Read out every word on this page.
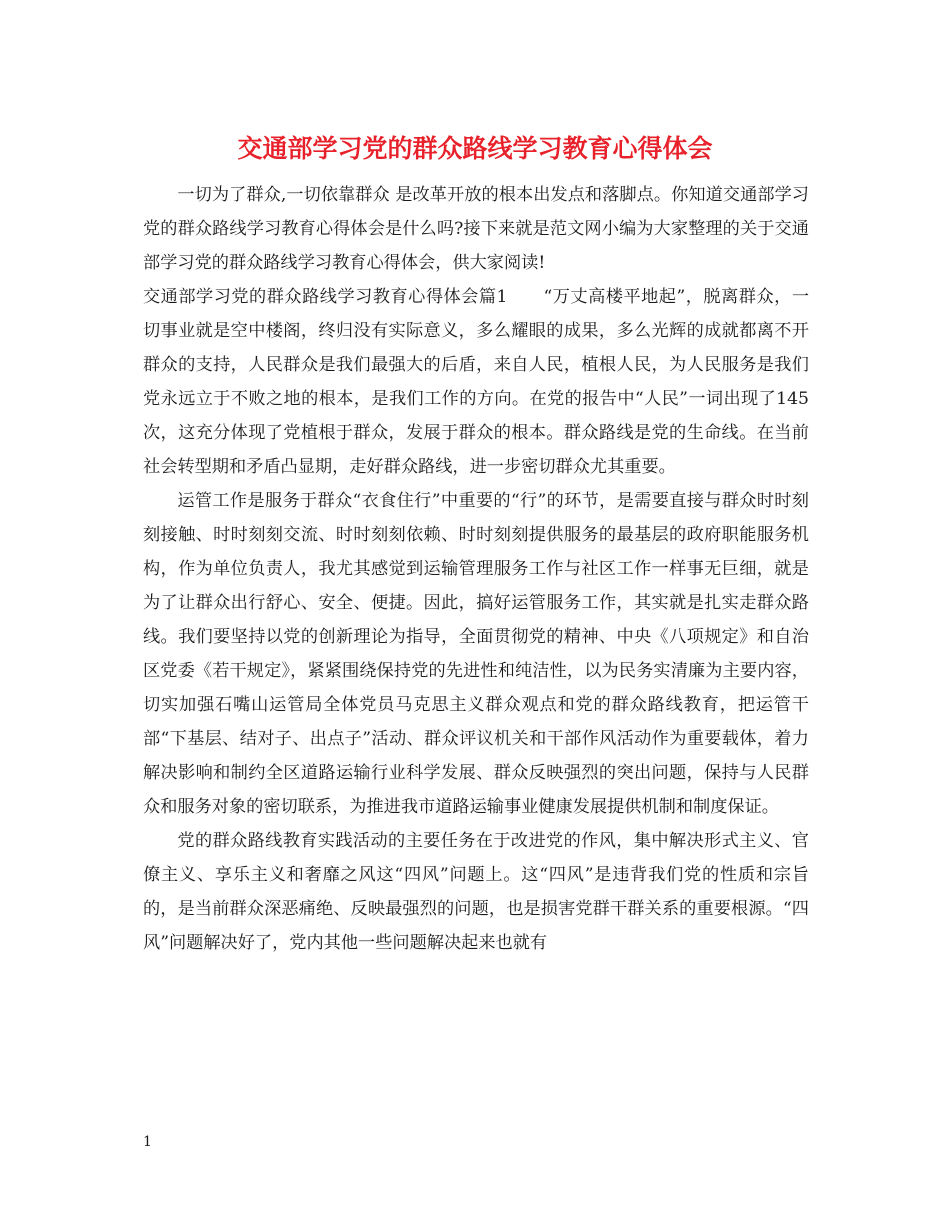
交通部学习党的群众路线学习教育心得体会

一切为了群众,一切依靠群众 是改革开放的根本出发点和落脚点。你知道交通部学习党的群众路线学习教育心得体会是什么吗?接下来就是范文网小编为大家整理的关于交通部学习党的群众路线学习教育心得体会，供大家阅读!

交通部学习党的群众路线学习教育心得体会篇1 “万丈高楼平地起”，脱离群众，一切事业就是空中楼阁，终归没有实际意义，多么耀眼的成果，多么光辉的成就都离不开群众的支持，人民群众是我们最强大的后盾，来自人民，植根人民，为人民服务是我们党永远立于不败之地的根本，是我们工作的方向。在党的报告中“人民”一词出现了145次，这充分体现了党植根于群众，发展于群众的根本。群众路线是党的生命线。在当前社会转型期和矛盾凸显期，走好群众路线，进一步密切群众尤其重要。

运管工作是服务于群众“衣食住行”中重要的“行”的环节，是需要直接与群众时时刻刻接触、时时刻刻交流、时时刻刻依赖、时时刻刻提供服务的最基层的政府职能服务机构，作为单位负责人，我尤其感觉到运输管理服务工作与社区工作一样事无巨细，就是为了让群众出行舒心、安全、便捷。因此，搞好运管服务工作，其实就是扎实走群众路线。我们要坚持以党的创新理论为指导，全面贯彻党的精神、中央《八项规定》和自治区党委《若干规定》，紧紧围绕保持党的先进性和纯洁性，以为民务实清廉为主要内容，切实加强石嘴山运管局全体党员马克思主义群众观点和党的群众路线教育，把运管干部“下基层、结对子、出点子”活动、群众评议机关和干部作风活动作为重要载体，着力解决影响和制约全区道路运输行业科学发展、群众反映强烈的突出问题，保持与人民群众和服务对象的密切联系，为推进我市道路运输事业健康发展提供机制和制度保证。

党的群众路线教育实践活动的主要任务在于改进党的作风，集中解决形式主义、官僚主义、享乐主义和奢靡之风这“四风”问题上。这“四风”是违背我们党的性质和宗旨的，是当前群众深恶痛绝、反映最强烈的问题，也是损害党群干群关系的重要根源。“四风”问题解决好了，党内其他一些问题解决起来也就有

1
